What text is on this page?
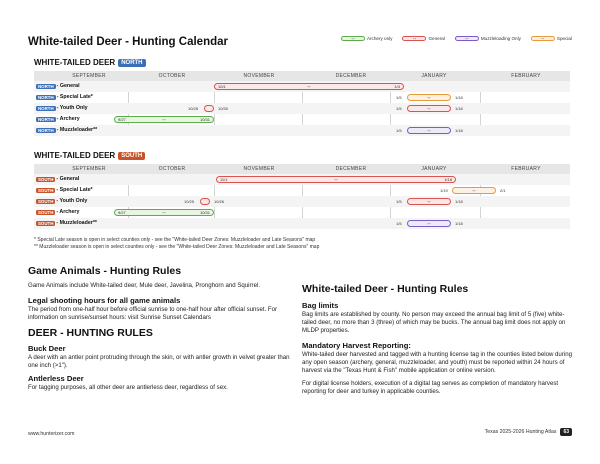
White-tailed Deer - Hunting Calendar	↔	Archery only	↔	General	↔	Muzzleloading Only	↔	Special
WHITE-TAILED DEER	NORTH
SEPTEMBER	OCTOBER	NOVEMBER	DECEMBER	JANUARY	FEBRUARY
NORTH - General	10/1	↔	1/4
NORTH - Special Late*	1/5	↔	1/18
NORTH - Youth Only	10/28	10/30	1/5	↔	1/18
NORTH - Archery	9/27	↔	10/31
NORTH - Muzzleloader**	1/5	↔	1/18
WHITE-TAILED DEER	SOUTH
SEPTEMBER	OCTOBER	NOVEMBER	DECEMBER	JANUARY	FEBRUARY
SOUTH - General	11/1	↔	1/18
SOUTH - Special Late*	1/19	↔	2/1
SOUTH - Youth Only	10/25	10/26	1/5	↔	1/18
SOUTH - Archery	9/27	↔	10/31
SOUTH - Muzzleloader**	1/5	↔	1/18
* Special Late season is open in select counties only - see the "White-tailed Deer Zones: Muzzleloader and Late Seasons" map
** Muzzleloader season is open in select counties only - see the "White-tailed Deer Zones: Muzzleloader and Late Seasons" map
Game Animals - Hunting Rules
Game Animals include White-tailed deer, Mule deer, Javelina, Pronghorn and Squirrel.
Legal shooting hours for all game animals
The period from one-half hour before official sunrise to one-half hour after official sunset. For information on sunrise/sunset hours: visit Sunrise Sunset Calendars
DEER - HUNTING RULES
Buck Deer
A deer with an antler point protruding through the skin, or with antler growth in velvet greater than one inch (>1").
Antlerless Deer
For tagging purposes, all other deer are antlerless deer, regardless of sex.
White-tailed Deer - Hunting Rules
Bag limits
Bag limits are established by county. No person may exceed the annual bag limit of 5 (five) white-tailed deer, no more than 3 (three) of which may be bucks. The annual bag limit does not apply on MLDP properties.
Mandatory Harvest Reporting:
White-tailed deer harvested and tagged with a hunting license tag in the counties listed below during any open season (archery, general, muzzleloader, and youth) must be reported within 24 hours of harvest via the "Texas Hunt & Fish" mobile application or online version.
For digital license holders, execution of a digital tag serves as completion of mandatory harvest reporting for deer and turkey in applicable counties.
www.hunterizer.com	Texas 2025-2026 Hunting Atlas	63
